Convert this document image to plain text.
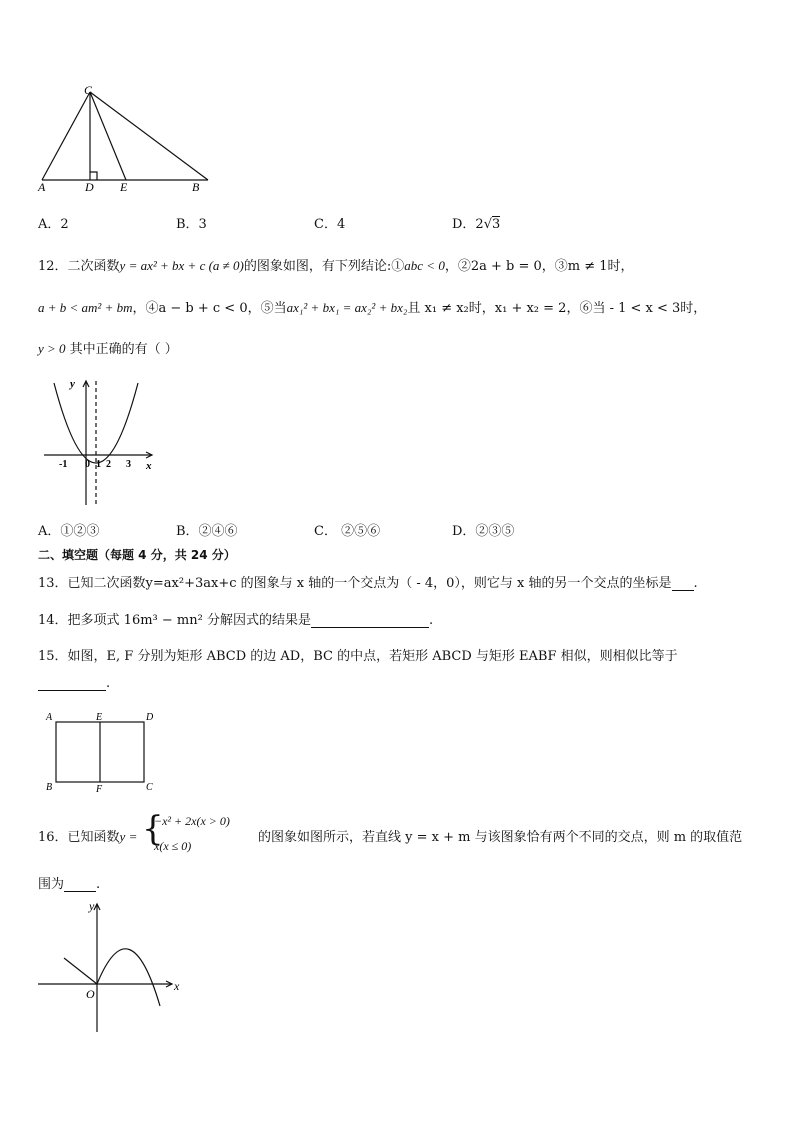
C
A	D E	B
A．2	B．3	C．4	D．2√3
12．二次函数y = ax² + bx + c (a ≠ 0)的图象如图，有下列结论:①abc < 0，②2a + b = 0，③m ≠ 1时，
a + b < am² + bm，④a − b + c < 0，⑤当ax₁² + bx₁ = ax₂² + bx₂且 x₁ ≠ x₂时，x₁ + x₂ = 2，⑥当 - 1 < x < 3时，
y > 0 其中正确的有（ ）
y
x
-1 0 1 2 3
A．①②③	B．②④⑥	C． ②⑤⑥	D．②③⑤
二、填空题（每题 4 分，共 24 分）
13．已知二次函数y=ax²+3ax+c 的图象与 x 轴的一个交点为（ - 4，0），则它与 x 轴的另一个交点的坐标是 .
14．把多项式 16m³ − mn² 分解因式的结果是	.
15．如图，E, F 分别为矩形 ABCD 的边 AD，BC 的中点，若矩形 ABCD 与矩形 EABF 相似，则相似比等于
.
A	E	D
B	F	C
16．已知函数y = {
−x² + 2x(x > 0)
x(x ≤ 0)
的图象如图所示，若直线 y = x + m 与该图象恰有两个不同的交点，则 m 的取值范
围为 .
y
x
O
